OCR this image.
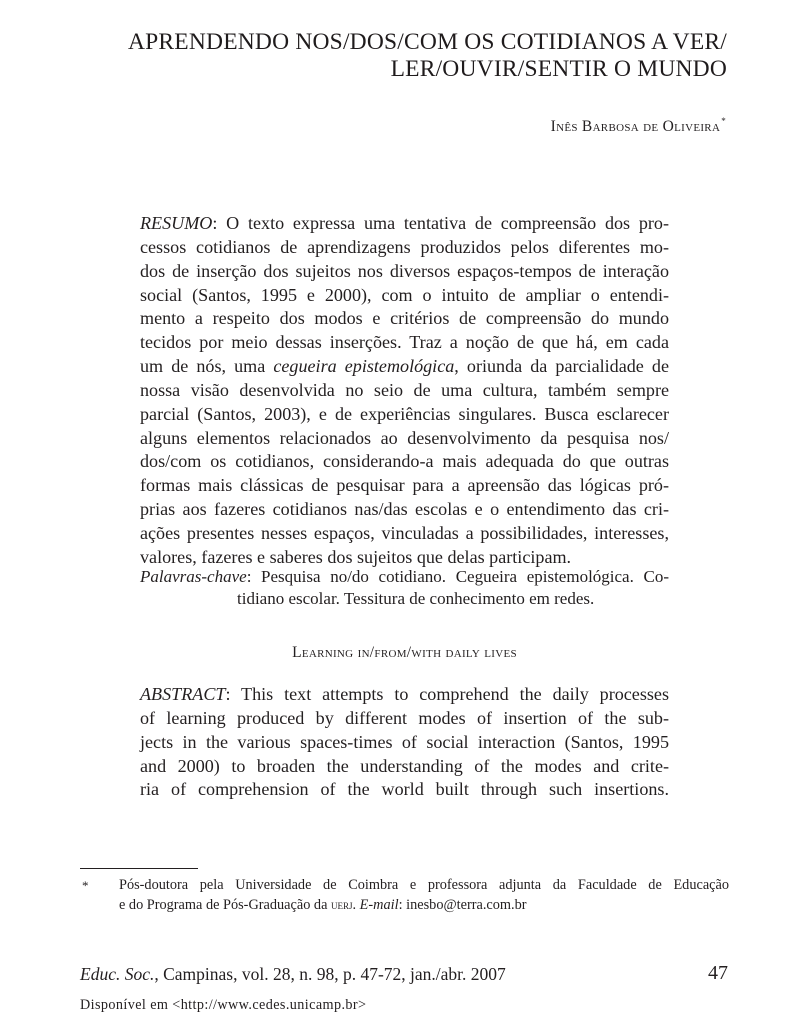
APRENDENDO NOS/DOS/COM OS COTIDIANOS A VER/
LER/OUVIR/SENTIR O MUNDO
Inês Barbosa de Oliveira*
RESUMO: O texto expressa uma tentativa de compreensão dos pro-
cessos cotidianos de aprendizagens produzidos pelos diferentes mo-
dos de inserção dos sujeitos nos diversos espaços-tempos de interação
social (Santos, 1995 e 2000), com o intuito de ampliar o entendi-
mento a respeito dos modos e critérios de compreensão do mundo
tecidos por meio dessas inserções. Traz a noção de que há, em cada
um de nós, uma cegueira epistemológica, oriunda da parcialidade de
nossa visão desenvolvida no seio de uma cultura, também sempre
parcial (Santos, 2003), e de experiências singulares. Busca esclarecer
alguns elementos relacionados ao desenvolvimento da pesquisa nos/
dos/com os cotidianos, considerando-a mais adequada do que outras
formas mais clássicas de pesquisar para a apreensão das lógicas pró-
prias aos fazeres cotidianos nas/das escolas e o entendimento das cri-
ações presentes nesses espaços, vinculadas a possibilidades, interesses,
valores, fazeres e saberes dos sujeitos que delas participam.
Palavras-chave: Pesquisa no/do cotidiano. Cegueira epistemológica. Co-
tidiano escolar. Tessitura de conhecimento em redes.
Learning in/from/with daily lives
ABSTRACT: This text attempts to comprehend the daily processes
of learning produced by different modes of insertion of the sub-
jects in the various spaces-times of social interaction (Santos, 1995
and 2000) to broaden the understanding of the modes and crite-
ria of comprehension of the world built through such insertions.
* Pós-doutora pela Universidade de Coimbra e professora adjunta da Faculdade de Educação
e do Programa de Pós-Graduação da uerj. E-mail: inesbo@terra.com.br
Educ. Soc., Campinas, vol. 28, n. 98, p. 47-72, jan./abr. 2007	47
Disponível em <http://www.cedes.unicamp.br>
